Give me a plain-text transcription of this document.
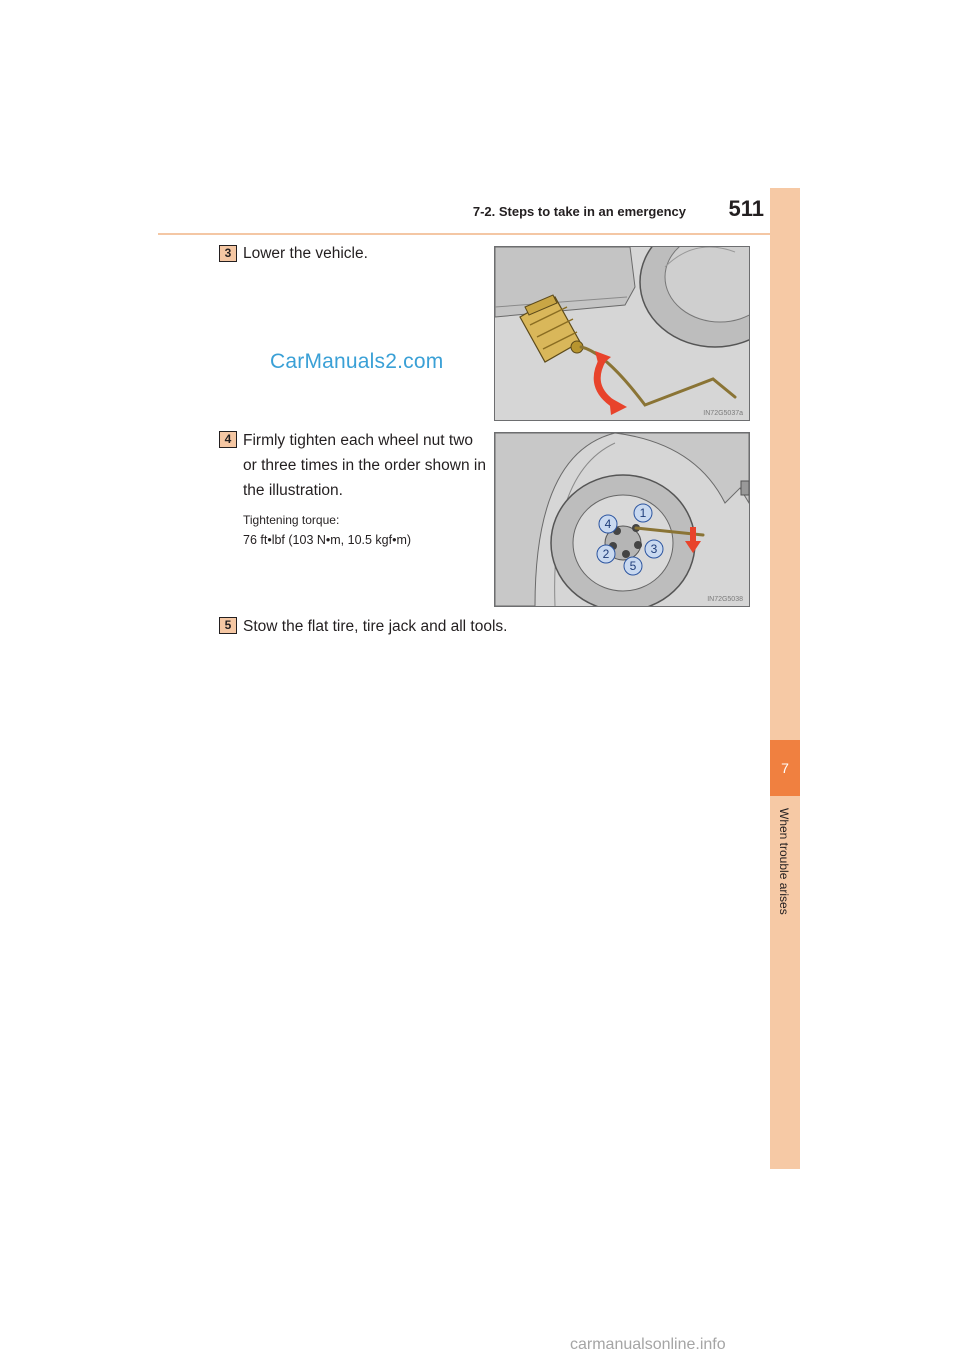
7-2. Steps to take in an emergency	511
7
When trouble arises
3 Lower the vehicle.
CarManuals2.com
IN72G5037a
4 Firmly tighten each wheel nut two or three times in the order shown in the illustration.
Tightening torque:
76 ft•lbf (103 N•m, 10.5 kgf•m)
1
2	3
4
5
IN72G5038
5 Stow the flat tire, tire jack and all tools.
carmanualsonline.info
